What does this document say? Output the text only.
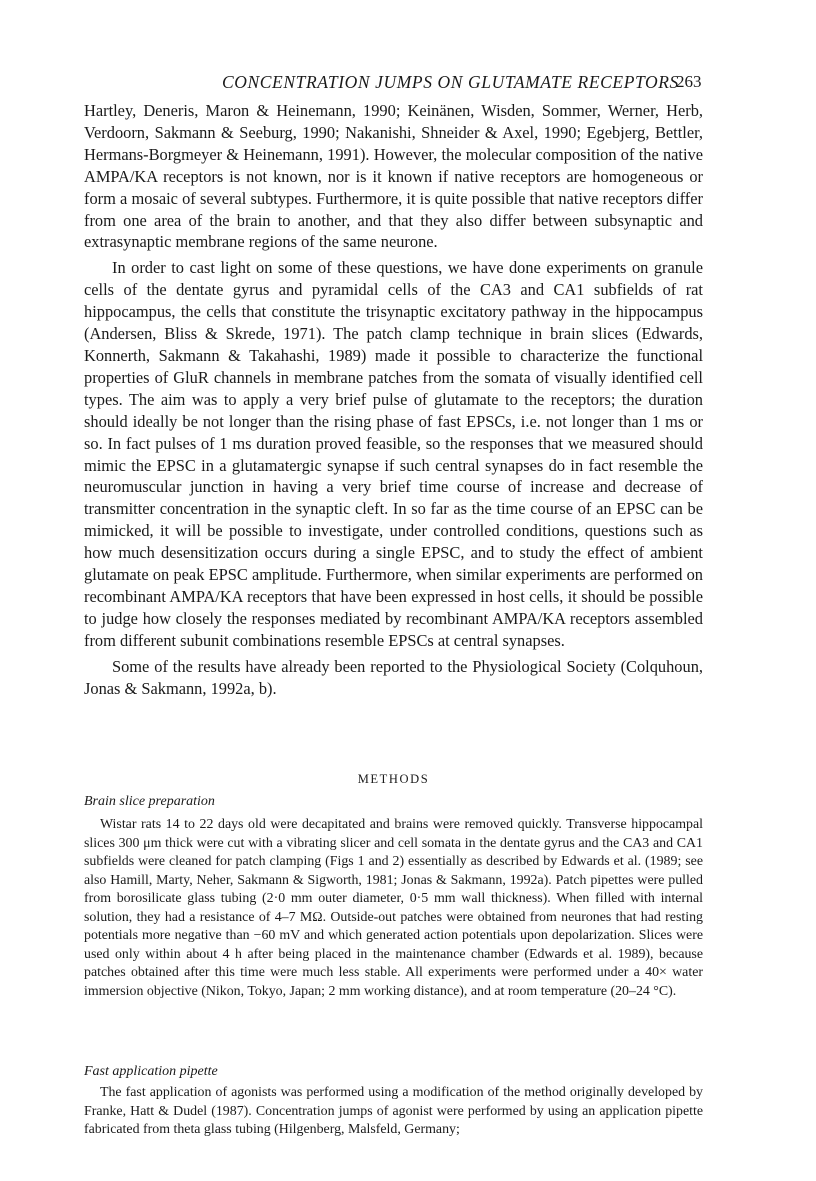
CONCENTRATION JUMPS ON GLUTAMATE RECEPTORS
263

Hartley, Deneris, Maron & Heinemann, 1990; Keinänen, Wisden, Sommer, Werner, Herb, Verdoorn, Sakmann & Seeburg, 1990; Nakanishi, Shneider & Axel, 1990; Egebjerg, Bettler, Hermans-Borgmeyer & Heinemann, 1991). However, the molecular composition of the native AMPA/KA receptors is not known, nor is it known if native receptors are homogeneous or form a mosaic of several subtypes. Furthermore, it is quite possible that native receptors differ from one area of the brain to another, and that they also differ between subsynaptic and extrasynaptic membrane regions of the same neurone.

In order to cast light on some of these questions, we have done experiments on granule cells of the dentate gyrus and pyramidal cells of the CA3 and CA1 subfields of rat hippocampus, the cells that constitute the trisynaptic excitatory pathway in the hippocampus (Andersen, Bliss & Skrede, 1971). The patch clamp technique in brain slices (Edwards, Konnerth, Sakmann & Takahashi, 1989) made it possible to characterize the functional properties of GluR channels in membrane patches from the somata of visually identified cell types. The aim was to apply a very brief pulse of glutamate to the receptors; the duration should ideally be not longer than the rising phase of fast EPSCs, i.e. not longer than 1 ms or so. In fact pulses of 1 ms duration proved feasible, so the responses that we measured should mimic the EPSC in a glutamatergic synapse if such central synapses do in fact resemble the neuromuscular junction in having a very brief time course of increase and decrease of transmitter concentration in the synaptic cleft. In so far as the time course of an EPSC can be mimicked, it will be possible to investigate, under controlled conditions, questions such as how much desensitization occurs during a single EPSC, and to study the effect of ambient glutamate on peak EPSC amplitude. Furthermore, when similar experiments are performed on recombinant AMPA/KA receptors that have been expressed in host cells, it should be possible to judge how closely the responses mediated by recombinant AMPA/KA receptors assembled from different subunit combinations resemble EPSCs at central synapses.

Some of the results have already been reported to the Physiological Society (Colquhoun, Jonas & Sakmann, 1992a, b).

METHODS
Brain slice preparation

Wistar rats 14 to 22 days old were decapitated and brains were removed quickly. Transverse hippocampal slices 300 μm thick were cut with a vibrating slicer and cell somata in the dentate gyrus and the CA3 and CA1 subfields were cleaned for patch clamping (Figs 1 and 2) essentially as described by Edwards et al. (1989; see also Hamill, Marty, Neher, Sakmann & Sigworth, 1981; Jonas & Sakmann, 1992a). Patch pipettes were pulled from borosilicate glass tubing (2·0 mm outer diameter, 0·5 mm wall thickness). When filled with internal solution, they had a resistance of 4–7 MΩ. Outside-out patches were obtained from neurones that had resting potentials more negative than −60 mV and which generated action potentials upon depolarization. Slices were used only within about 4 h after being placed in the maintenance chamber (Edwards et al. 1989), because patches obtained after this time were much less stable. All experiments were performed under a 40× water immersion objective (Nikon, Tokyo, Japan; 2 mm working distance), and at room temperature (20–24 °C).

Fast application pipette

The fast application of agonists was performed using a modification of the method originally developed by Franke, Hatt & Dudel (1987). Concentration jumps of agonist were performed by using an application pipette fabricated from theta glass tubing (Hilgenberg, Malsfeld, Germany;
